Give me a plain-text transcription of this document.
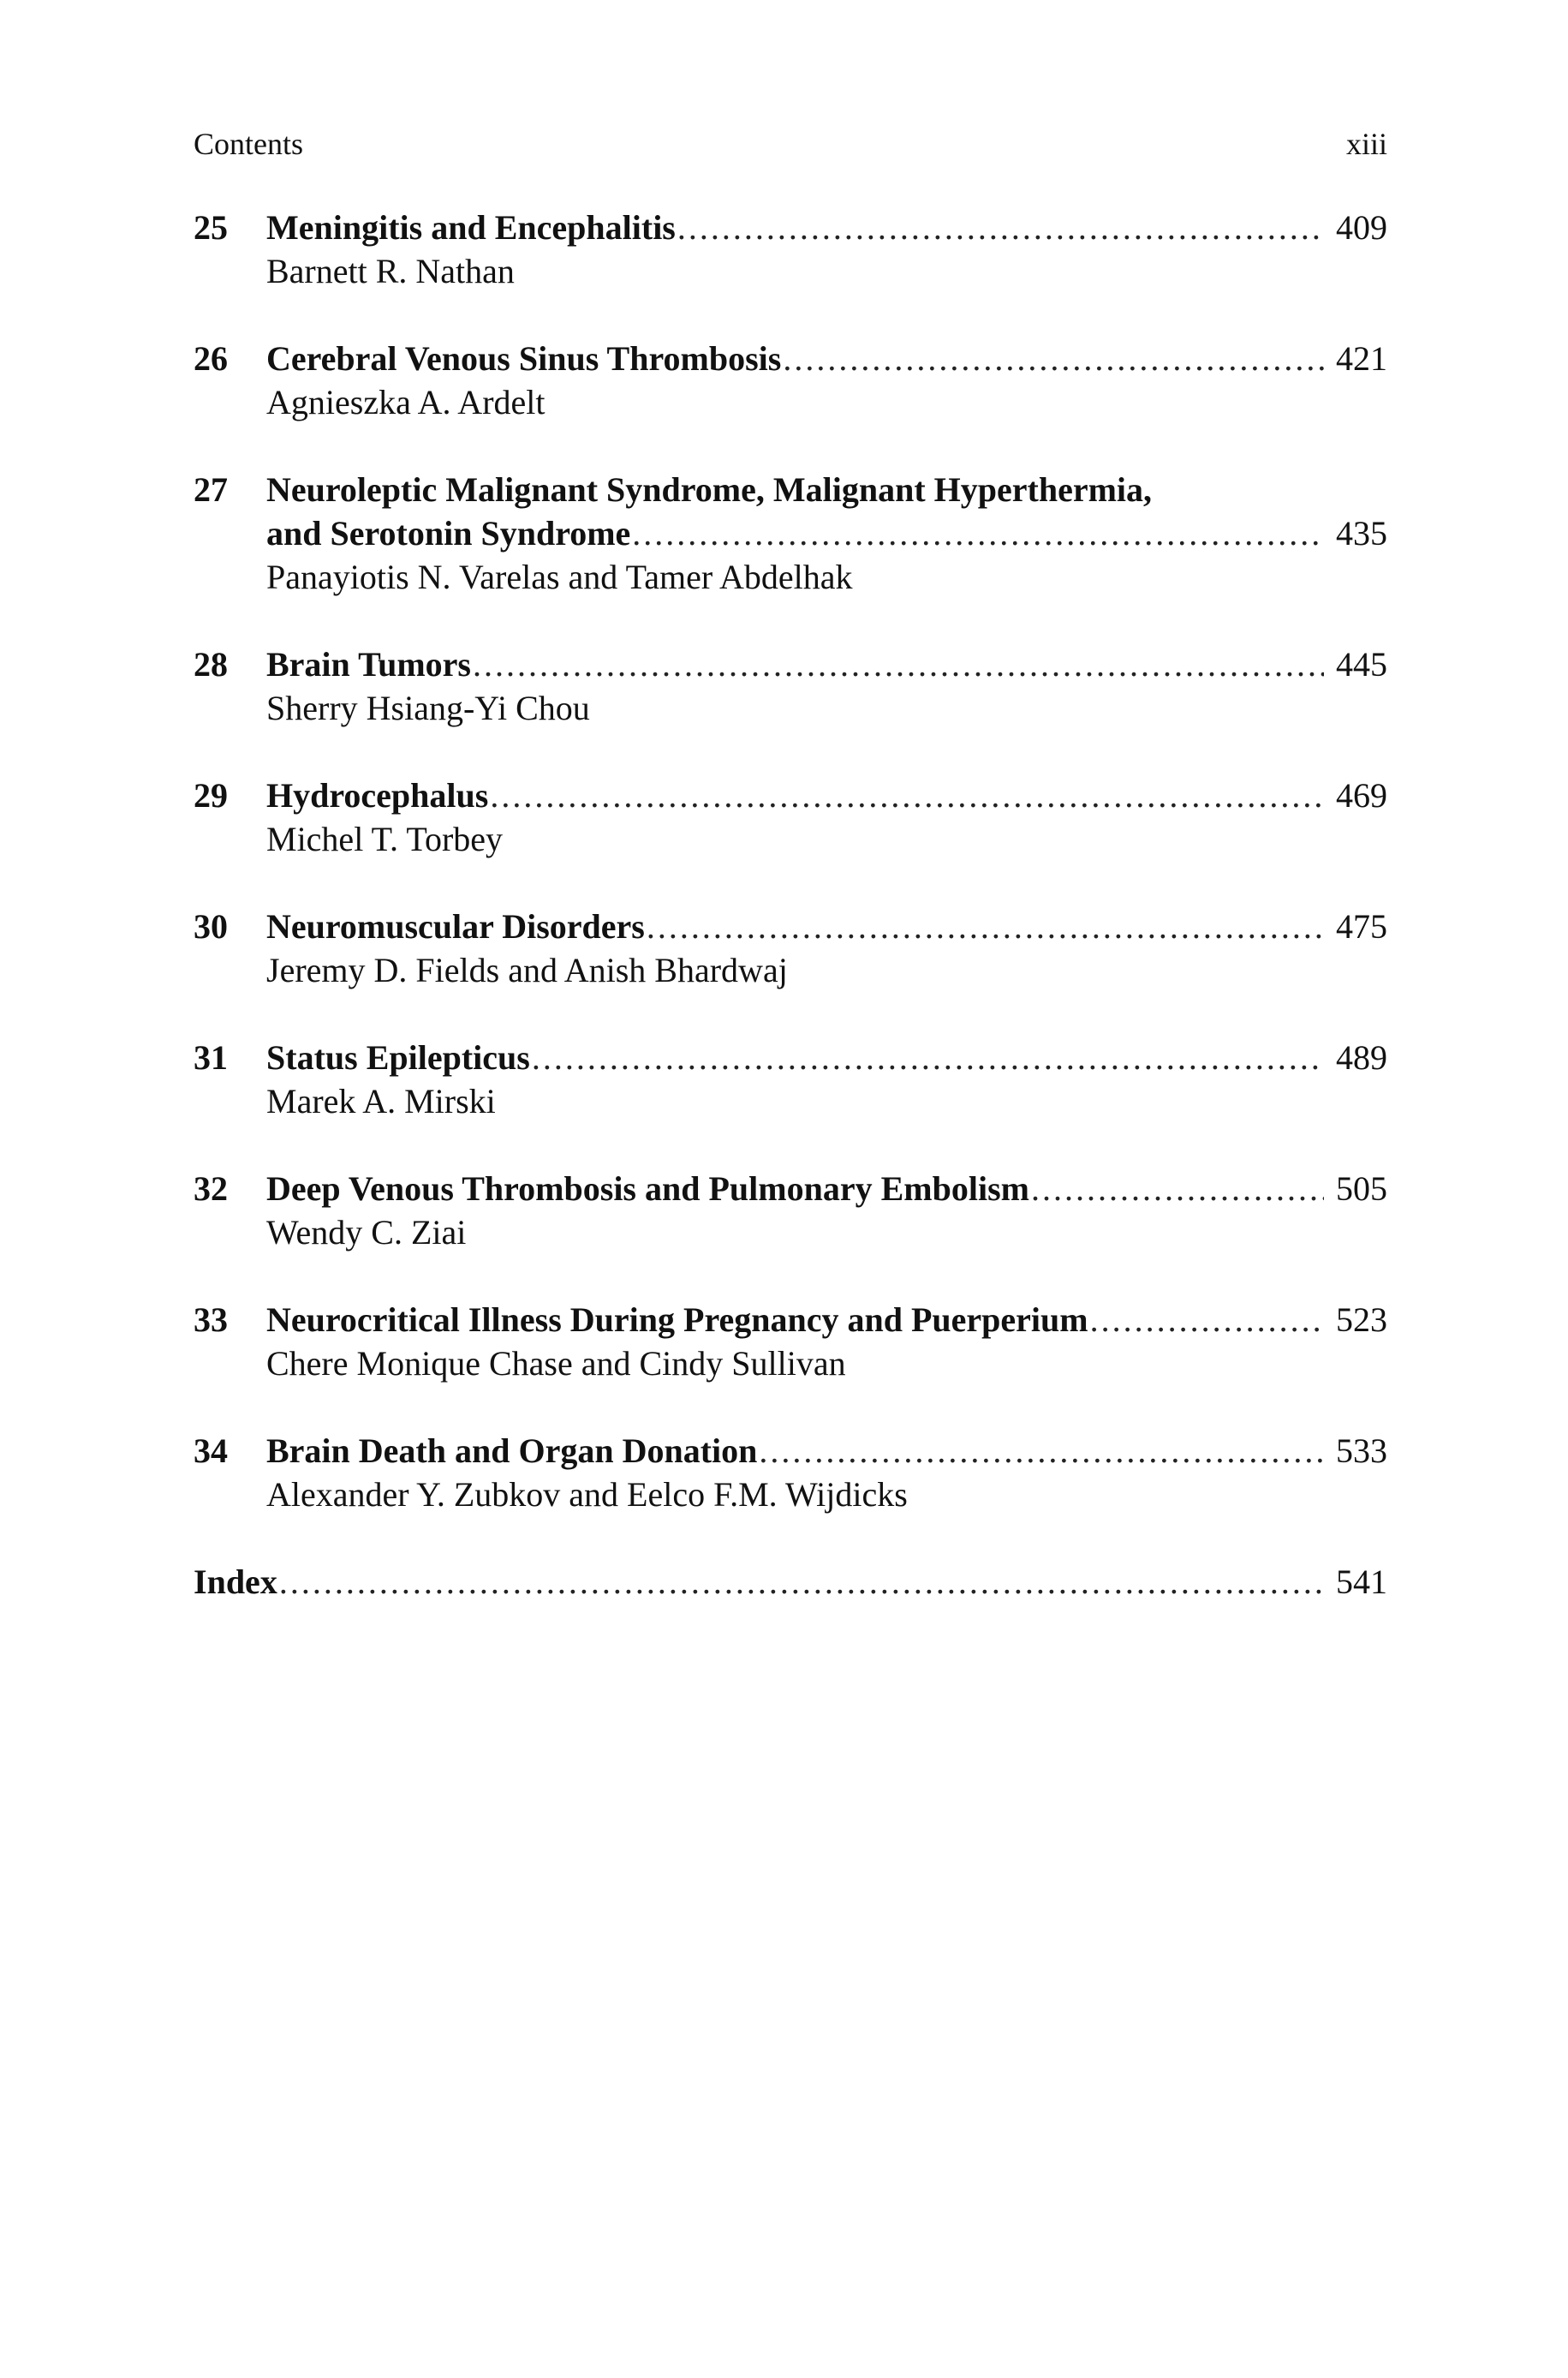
Contents	xiii
25	Meningitis and Encephalitis .....	409
Barnett R. Nathan
26	Cerebral Venous Sinus Thrombosis .....	421
Agnieszka A. Ardelt
27	Neuroleptic Malignant Syndrome, Malignant Hyperthermia,
and Serotonin Syndrome .....	435
Panayiotis N. Varelas and Tamer Abdelhak
28	Brain Tumors .....	445
Sherry Hsiang-Yi Chou
29	Hydrocephalus .....	469
Michel T. Torbey
30	Neuromuscular Disorders .....	475
Jeremy D. Fields and Anish Bhardwaj
31	Status Epilepticus .....	489
Marek A. Mirski
32	Deep Venous Thrombosis and Pulmonary Embolism .....	505
Wendy C. Ziai
33	Neurocritical Illness During Pregnancy and Puerperium .....	523
Chere Monique Chase and Cindy Sullivan
34	Brain Death and Organ Donation .....	533
Alexander Y. Zubkov and Eelco F.M. Wijdicks
Index .....	541
